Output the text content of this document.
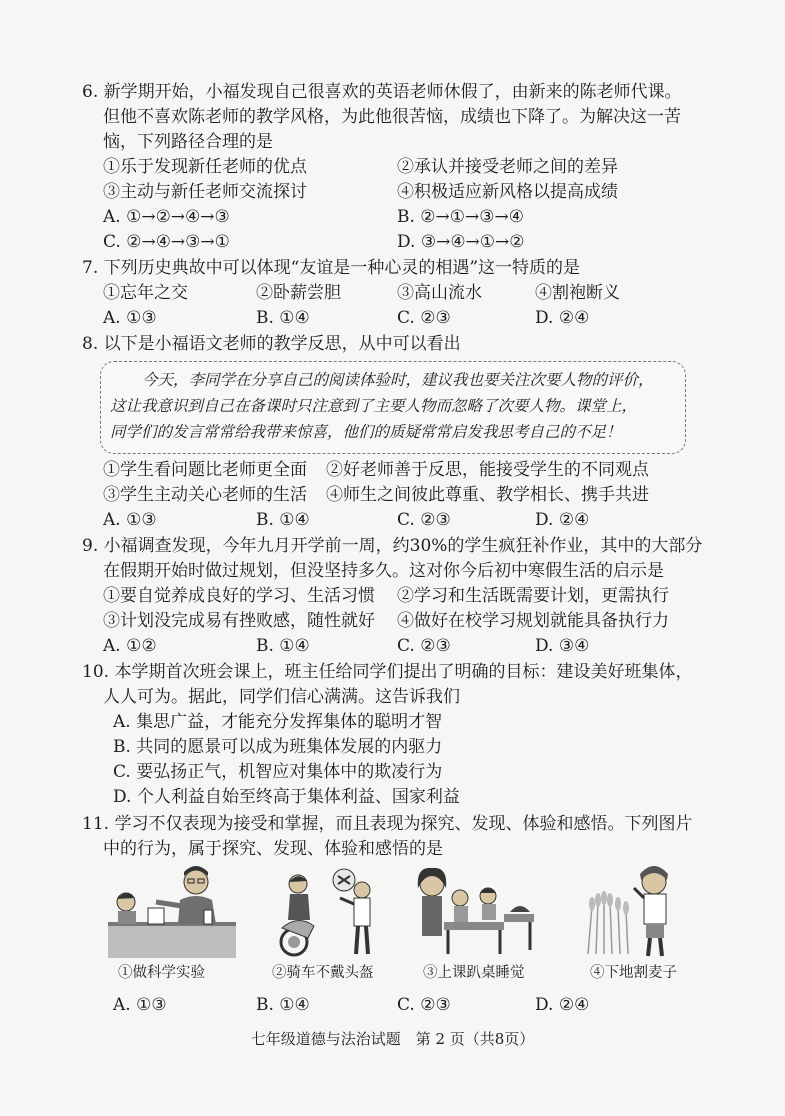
6. 新学期开始，小福发现自己很喜欢的英语老师休假了，由新来的陈老师代课。
但他不喜欢陈老师的教学风格，为此他很苦恼，成绩也下降了。为解决这一苦
恼，下列路径合理的是
①乐于发现新任老师的优点	②承认并接受老师之间的差异
③主动与新任老师交流探讨	④积极适应新风格以提高成绩
A. ①→②→④→③	B. ②→①→③→④
C. ②→④→③→①	D. ③→④→①→②
7. 下列历史典故中可以体现“友谊是一种心灵的相遇”这一特质的是
①忘年之交	②卧薪尝胆	③高山流水	④割袍断义
A. ①③	B. ①④	C. ②③	D. ②④
8. 以下是小福语文老师的教学反思，从中可以看出
今天，李同学在分享自己的阅读体验时，建议我也要关注次要人物的评价，
这让我意识到自己在备课时只注意到了主要人物而忽略了次要人物。课堂上，
同学们的发言常常给我带来惊喜，他们的质疑常常启发我思考自己的不足！
①学生看问题比老师更全面 ②好老师善于反思，能接受学生的不同观点
③学生主动关心老师的生活 ④师生之间彼此尊重、教学相长、携手共进
A. ①③	B. ①④	C. ②③	D. ②④
9. 小福调查发现，今年九月开学前一周，约30%的学生疯狂补作业，其中的大部分
在假期开始时做过规划，但没坚持多久。这对你今后初中寒假生活的启示是
①要自觉养成良好的学习、生活习惯 ②学习和生活既需要计划，更需执行
③计划没完成易有挫败感，随性就好 ④做好在校学习规划就能具备执行力
A. ①②	B. ①④	C. ②③	D. ③④
10. 本学期首次班会课上，班主任给同学们提出了明确的目标：建设美好班集体，
人人可为。据此，同学们信心满满。这告诉我们
A. 集思广益，才能充分发挥集体的聪明才智
B. 共同的愿景可以成为班集体发展的内驱力
C. 要弘扬正气，机智应对集体中的欺凌行为
D. 个人利益自始至终高于集体利益、国家利益
11. 学习不仅表现为接受和掌握，而且表现为探究、发现、体验和感悟。下列图片
中的行为，属于探究、发现、体验和感悟的是
①做科学实验	②骑车不戴头盔	③上课趴桌睡觉	④下地割麦子
A. ①③	B. ①④	C. ②③	D. ②④
七年级道德与法治试题　第 2 页（共8页）
